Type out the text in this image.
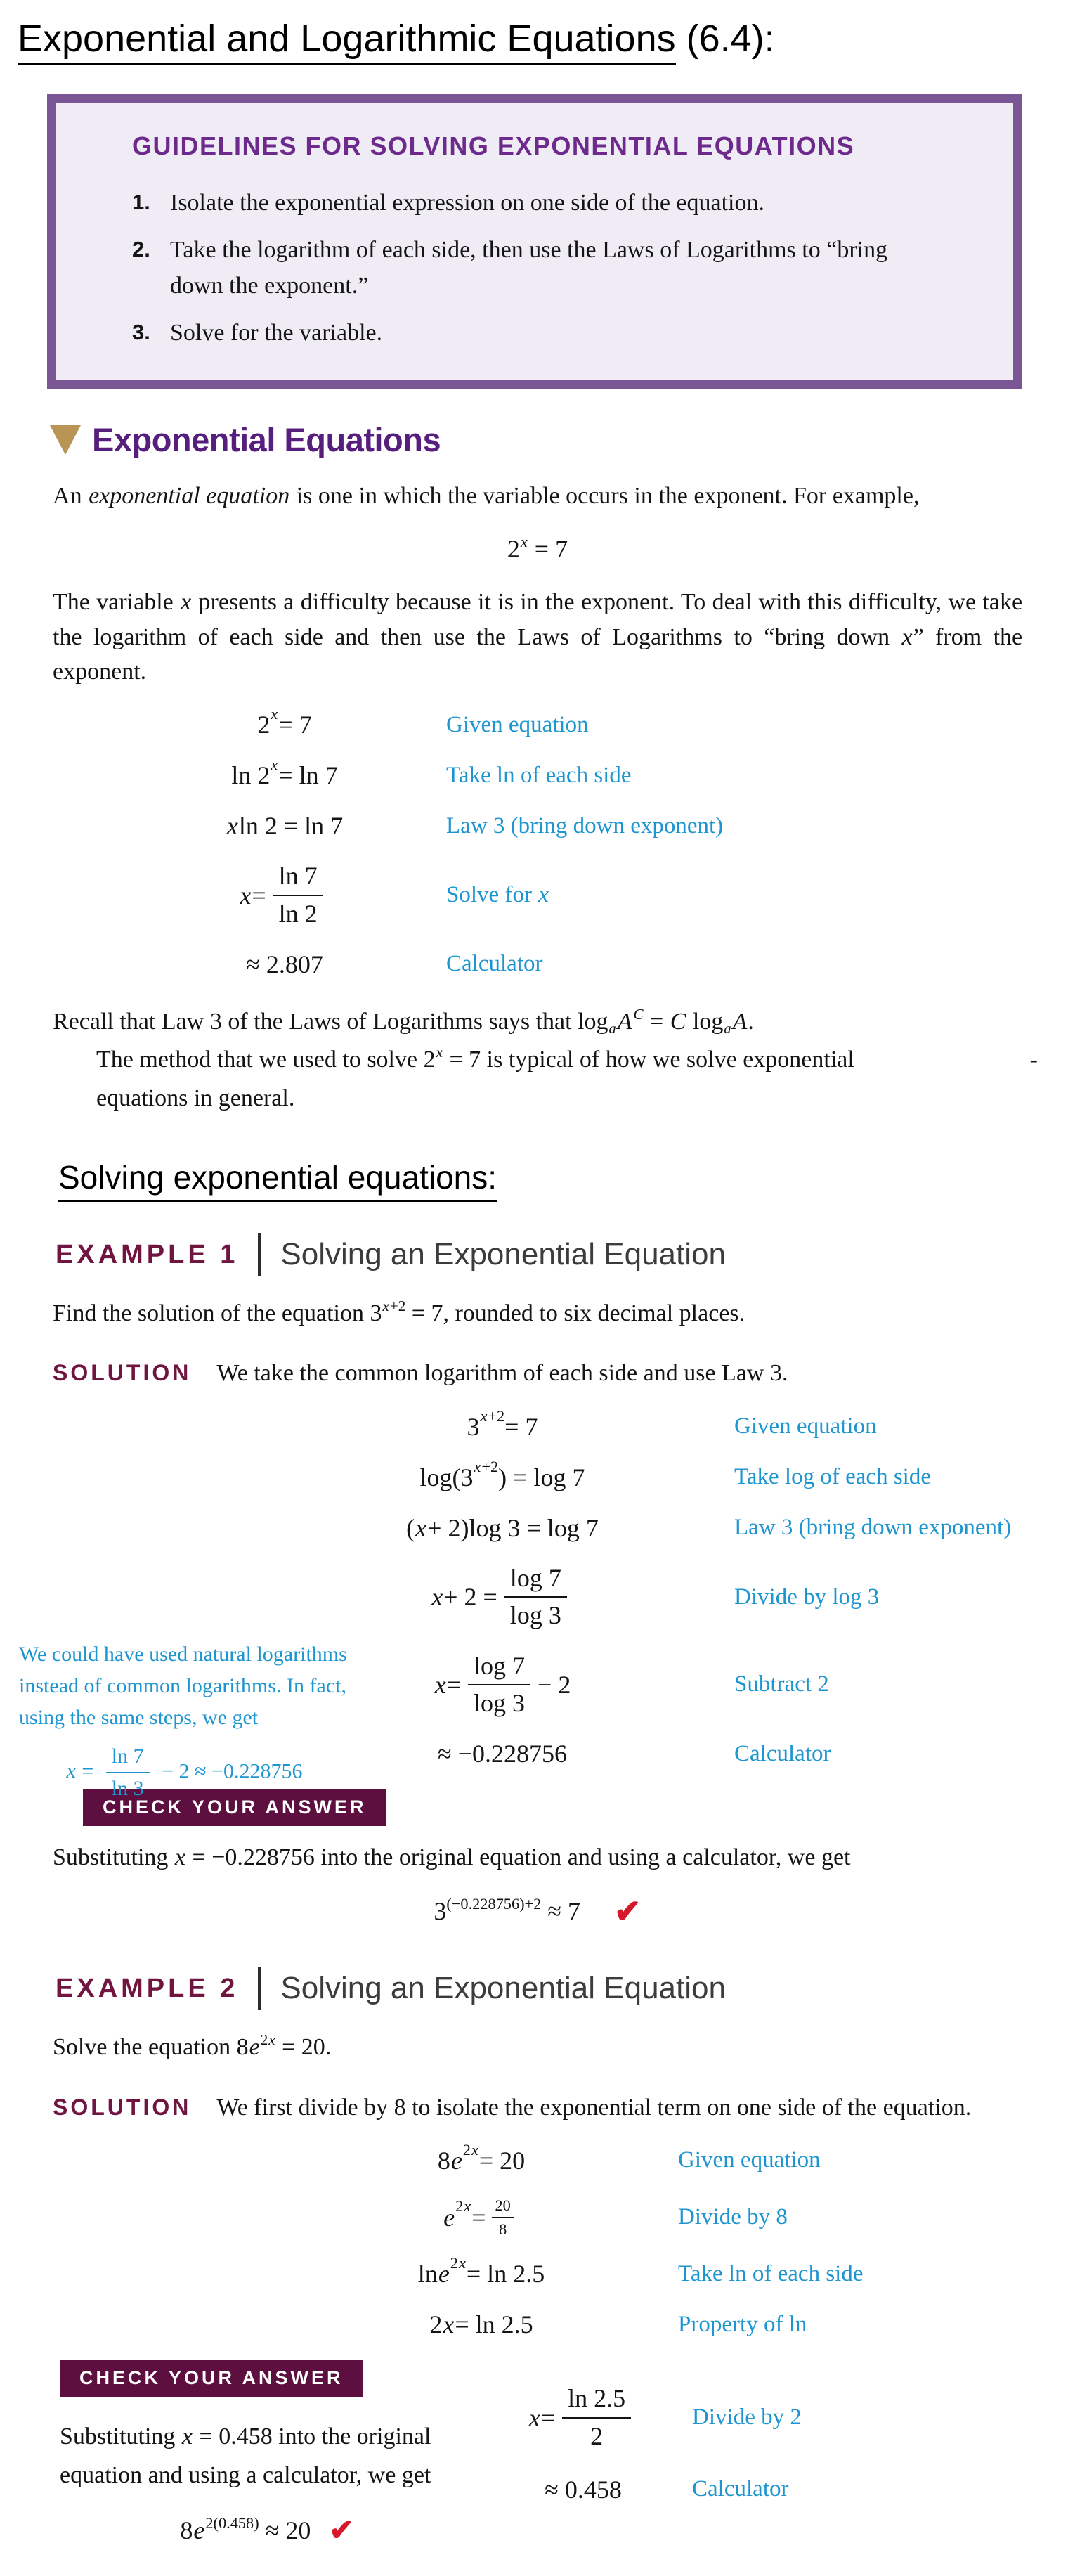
Exponential and Logarithmic Equations (6.4):
GUIDELINES FOR SOLVING EXPONENTIAL EQUATIONS
1. Isolate the exponential expression on one side of the equation.
2. Take the logarithm of each side, then use the Laws of Logarithms to “bring down the exponent.”
3. Solve for the variable.
Exponential Equations

An exponential equation is one in which the variable occurs in the exponent. For example,

$2^x = 7$

The variable x presents a difficulty because it is in the exponent. To deal with this difficulty, we take the logarithm of each side and then use the Laws of Logarithms to “bring down x” from the exponent.

2 $^x$ = 7	Given equation
ln 2 $^x$ = ln 7	Take ln of each side
x ln 2 = ln 7	Law 3 (bring down exponent)
$x = \frac{\ln 7}{\ln 2}$	Solve for x
≈ 2.807	Calculator
Recall that Law 3 of the Laws of Logarithms says that $\log_aA^C = C$ $\log_aA$.
The method that we used to solve $2^x = 7$ is typical of how we solve exponential	-
equations in general.
Solving exponential equations:
EXAMPLE 1 Solving an Exponential Equation

Find the solution of the equation $3^{x+2} = 7$, rounded to six decimal places.

SOLUTION We take the common logarithm of each side and use Law 3.

3 $^{x+2}$ = 7	Given equation
log(3 $^{x+2}$ ) = log 7	Take log of each side
( x + 2)log 3 = log 7	Law 3 (bring down exponent)
$x + 2 = \frac{\log 7}{\log 3}$	Divide by log 3
$x = \frac{\log 7}{\log 3} - 2$	Subtract 2
≈ −0.228756	Calculator
We could have used natural logarithms instead of common logarithms. In fact, using the same steps, we get
$x = \frac{\ln 7}{\ln 3} - 2 \approx -0.228756$
CHECK YOUR ANSWER

Substituting x = −0.228756 into the original equation and using a calculator, we get

$3^{(-0.228756)+2} \approx 7$ ✔
EXAMPLE 2 Solving an Exponential Equation

Solve the equation $8e^{2x} = 20$.

SOLUTION We first divide by 8 to isolate the exponential term on one side of the equation.

8 $e^{2x} = 20$	Given equation
$e^{2x} = \frac{20}{8}$	Divide by 8
$\ln e^{2x} = \ln 2.5$	Take ln of each side
2 x = ln 2.5	Property of ln
CHECK YOUR ANSWER

Substituting x = 0.458 into the original equation and using a calculator, we get

$8e^{2(0.458)} \approx 20$ ✔
$x = \frac{\ln 2.5}{2}$	Divide by 2
≈ 0.458	Calculator
